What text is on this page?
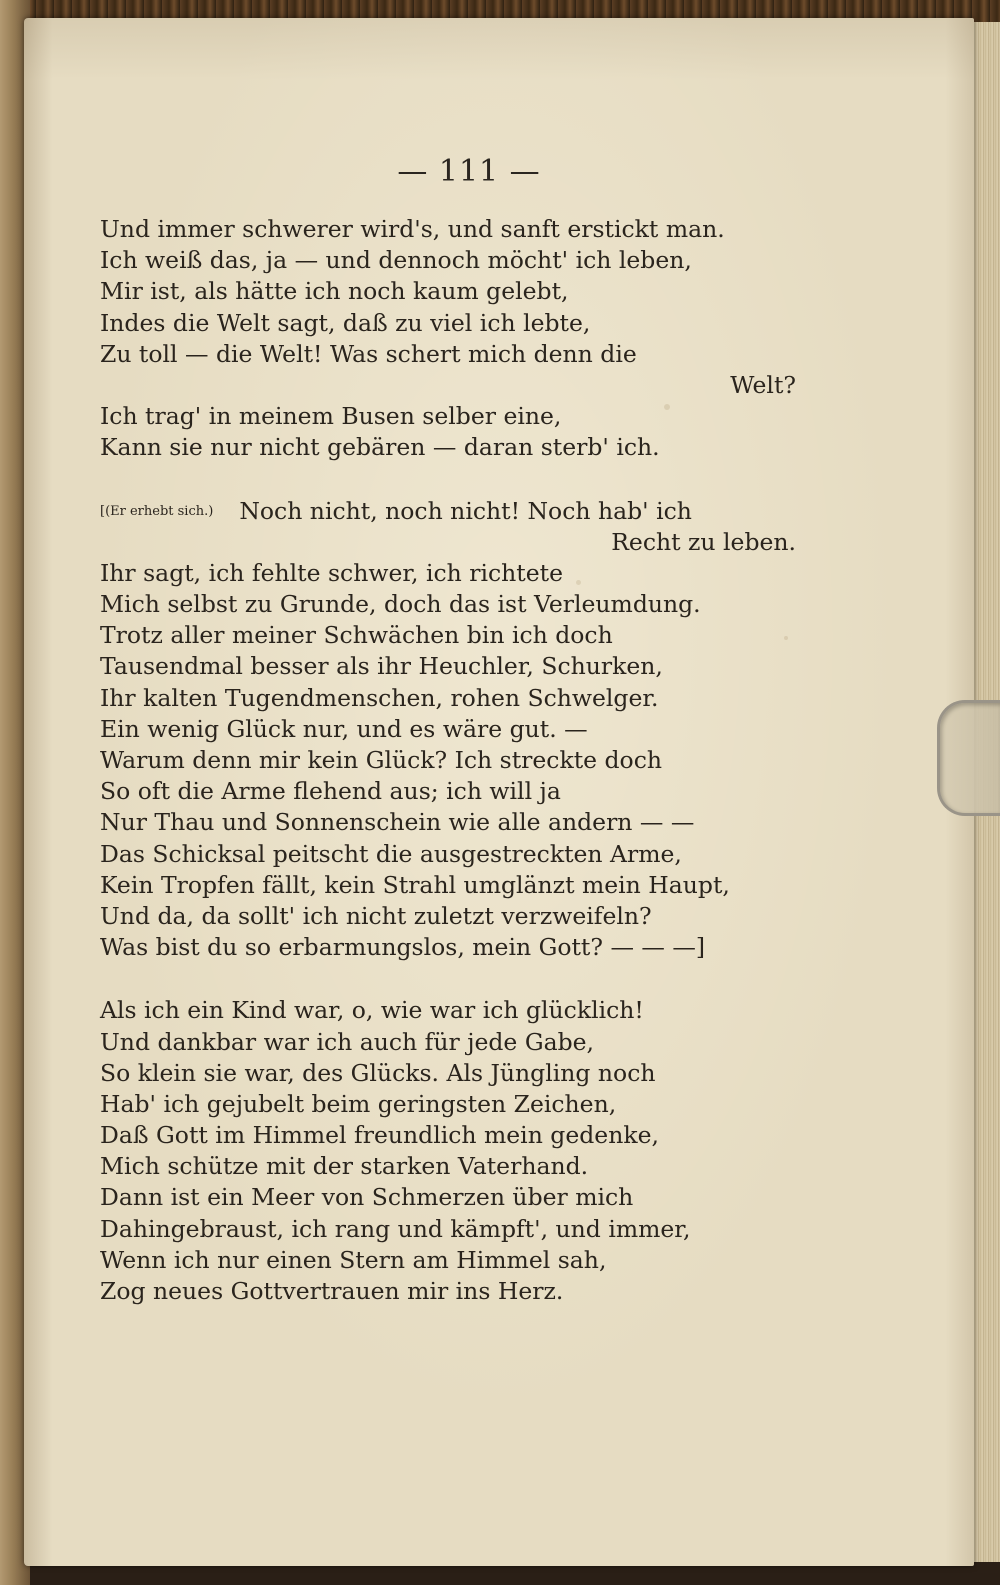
— 111 —
Und immer schwerer wird's, und sanft erstickt man.
Ich weiß das, ja — und dennoch möcht' ich leben,
Mir ist, als hätte ich noch kaum gelebt,
Indes die Welt sagt, daß zu viel ich lebte,
Zu toll — die Welt! Was schert mich denn die
Welt?
Ich trag' in meinem Busen selber eine,
Kann sie nur nicht gebären — daran sterb' ich.
[(Er erhebt sich.) Noch nicht, noch nicht! Noch hab' ich
Recht zu leben.
Ihr sagt, ich fehlte schwer, ich richtete
Mich selbst zu Grunde, doch das ist Verleumdung.
Trotz aller meiner Schwächen bin ich doch
Tausendmal besser als ihr Heuchler, Schurken,
Ihr kalten Tugendmenschen, rohen Schwelger.
Ein wenig Glück nur, und es wäre gut. —
Warum denn mir kein Glück? Ich streckte doch
So oft die Arme flehend aus; ich will ja
Nur Thau und Sonnenschein wie alle andern — —
Das Schicksal peitscht die ausgestreckten Arme,
Kein Tropfen fällt, kein Strahl umglänzt mein Haupt,
Und da, da sollt' ich nicht zuletzt verzweifeln?
Was bist du so erbarmungslos, mein Gott? — — —]
Als ich ein Kind war, o, wie war ich glücklich!
Und dankbar war ich auch für jede Gabe,
So klein sie war, des Glücks. Als Jüngling noch
Hab' ich gejubelt beim geringsten Zeichen,
Daß Gott im Himmel freundlich mein gedenke,
Mich schütze mit der starken Vaterhand.
Dann ist ein Meer von Schmerzen über mich
Dahingebraust, ich rang und kämpft', und immer,
Wenn ich nur einen Stern am Himmel sah,
Zog neues Gottvertrauen mir ins Herz.
